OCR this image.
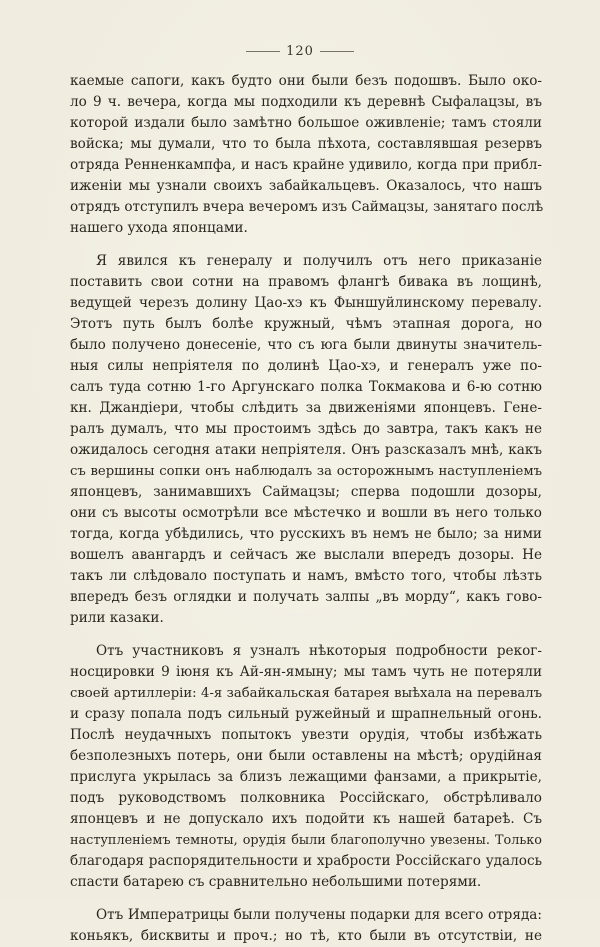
120
каемые сапоги, какъ будто они были безъ подошвъ. Было око-
ло 9 ч. вечера, когда мы подходили къ деревнѣ Сыфалацзы, въ
которой издали было замѣтно большое оживленіе; тамъ стояли
войска; мы думали, что то была пѣхота, составлявшая резервъ
отряда Ренненкампфа, и насъ крайне удивило, когда при прибл-
иженіи мы узнали своихъ забайкальцевъ. Оказалось, что нашъ
отрядъ отступилъ вчера вечеромъ изъ Саймацзы, занятаго послѣ
нашего ухода японцами.
Я явился къ генералу и получилъ отъ него приказаніе
поставить свои сотни на правомъ флангѣ бивака въ лощинѣ,
ведущей черезъ долину Цао-хэ къ Фыншуйлинскому перевалу.
Этотъ путь былъ болѣе кружный, чѣмъ этапная дорога, но
было получено донесеніе, что съ юга были двинуты значитель-
ныя силы непріятеля по долинѣ Цао-хэ, и генералъ уже по-
салъ туда сотню 1-го Аргунскаго полка Токмакова и 6-ю сотню
кн. Джандіери, чтобы слѣдить за движеніями японцевъ. Гене-
ралъ думалъ, что мы простоимъ здѣсь до завтра, такъ какъ не
ожидалось сегодня атаки непріятеля. Онъ разсказалъ мнѣ, какъ
съ вершины сопки онъ наблюдалъ за осторожнымъ наступленіемъ
японцевъ, занимавшихъ Саймацзы; сперва подошли дозоры,
они съ высоты осмотрѣли все мѣстечко и вошли въ него только
тогда, когда убѣдились, что русскихъ въ немъ не было; за ними
вошелъ авангардъ и сейчасъ же выслали впередъ дозоры. Не
такъ ли слѣдовало поступать и намъ, вмѣсто того, чтобы лѣзть
впередъ безъ оглядки и получать залпы „въ морду“, какъ гово-
рили казаки.
Отъ участниковъ я узналъ нѣкоторыя подробности реког-
носцировки 9 іюня къ Ай-ян-ямыну; мы тамъ чуть не потеряли
своей артиллеріи: 4-я забайкальская батарея выѣхала на перевалъ
и сразу попала подъ сильный ружейный и шрапнельный огонь.
Послѣ неудачныхъ попытокъ увезти орудія, чтобы избѣжать
безполезныхъ потерь, они были оставлены на мѣстѣ; орудійная
прислуга укрылась за близъ лежащими фанзами, а прикрытіе,
подъ руководствомъ полковника Россійскаго, обстрѣливало
японцевъ и не допускало ихъ подойти къ нашей батареѣ. Съ
наступленіемъ темноты, орудія были благополучно увезены. Только
благодаря распорядительности и храбрости Россійскаго удалось
спасти батарею съ сравнительно небольшими потерями.
Отъ Императрицы были получены подарки для всего отряда:
коньякъ, бисквиты и проч.; но тѣ, кто были въ отсутствіи, не
